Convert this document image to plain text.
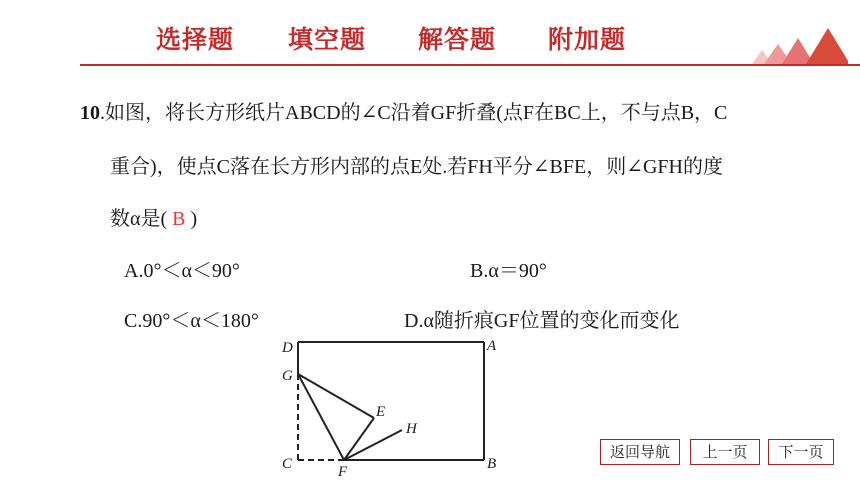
选择题 填空题 解答题 附加题
10.如图，将长方形纸片ABCD的∠C沿着GF折叠(点F在BC上，不与点B，C
重合)，使点C落在长方形内部的点E处.若FH平分∠BFE，则∠GFH的度
数α是( B )
A.0°＜α＜90°	B.α＝90°
C.90°＜α＜180°	D.α随折痕GF位置的变化而变化
D	A
G
E
H
C	F	B
返回导航	上一页	下一页
